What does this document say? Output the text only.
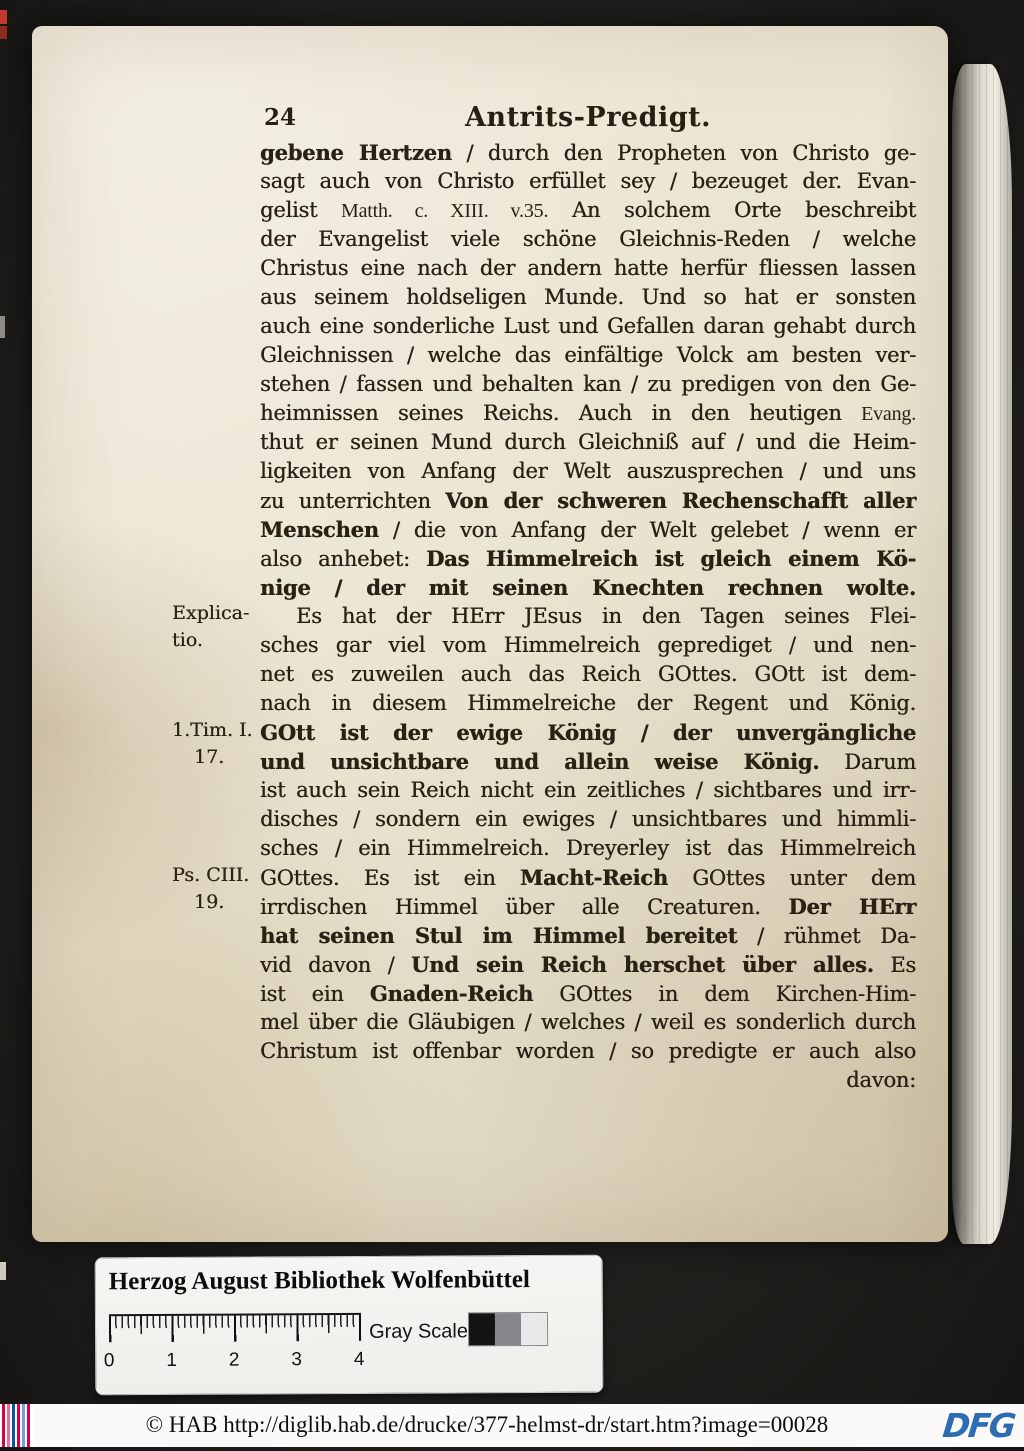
24	Antrits-Predigt.
gebene Hertzen / durch den Propheten von Christo ge-
sagt auch von Christo erfüllet sey / bezeuget der. Evan-
gelist Matth. c. XIII. v.35. An solchem Orte beschreibt
der Evangelist viele schöne Gleichnis-Reden / welche
Christus eine nach der andern hatte herfür fliessen lassen
aus seinem holdseligen Munde. Und so hat er sonsten
auch eine sonderliche Lust und Gefallen daran gehabt durch
Gleichnissen / welche das einfältige Volck am besten ver-
stehen / fassen und behalten kan / zu predigen von den Ge-
heimnissen seines Reichs. Auch in den heutigen Evang.
thut er seinen Mund durch Gleichniß auf / und die Heim-
ligkeiten von Anfang der Welt auszusprechen / und uns
zu unterrichten Von der schweren Rechenschafft aller
Menschen / die von Anfang der Welt gelebet / wenn er
also anhebet: Das Himmelreich ist gleich einem Kö-
nige / der mit seinen Knechten rechnen wolte.
Es hat der HErr JEsus in den Tagen seines Flei-
sches gar viel vom Himmelreich geprediget / und nen-
net es zuweilen auch das Reich GOttes. GOtt ist dem-
nach in diesem Himmelreiche der Regent und König.
GOtt ist der ewige König / der unvergängliche
und unsichtbare und allein weise König. Darum
ist auch sein Reich nicht ein zeitliches / sichtbares und irr-
disches / sondern ein ewiges / unsichtbares und himmli-
sches / ein Himmelreich. Dreyerley ist das Himmelreich
GOttes. Es ist ein Macht-Reich GOttes unter dem
irrdischen Himmel über alle Creaturen. Der HErr
hat seinen Stul im Himmel bereitet / rühmet Da-
vid davon / Und sein Reich herschet über alles. Es
ist ein Gnaden-Reich GOttes in dem Kirchen-Him-
mel über die Gläubigen / welches / weil es sonderlich durch
Christum ist offenbar worden / so predigte er auch also
davon:
Explica-
tio.
1.Tim. I.
17.
Ps. CIII.
19.
Herzog August Bibliothek Wolfenbüttel
0	1	2	3	4
Gray Scale
© HAB http://diglib.hab.de/drucke/377-helmst-dr/start.htm?image=00028	DFG
